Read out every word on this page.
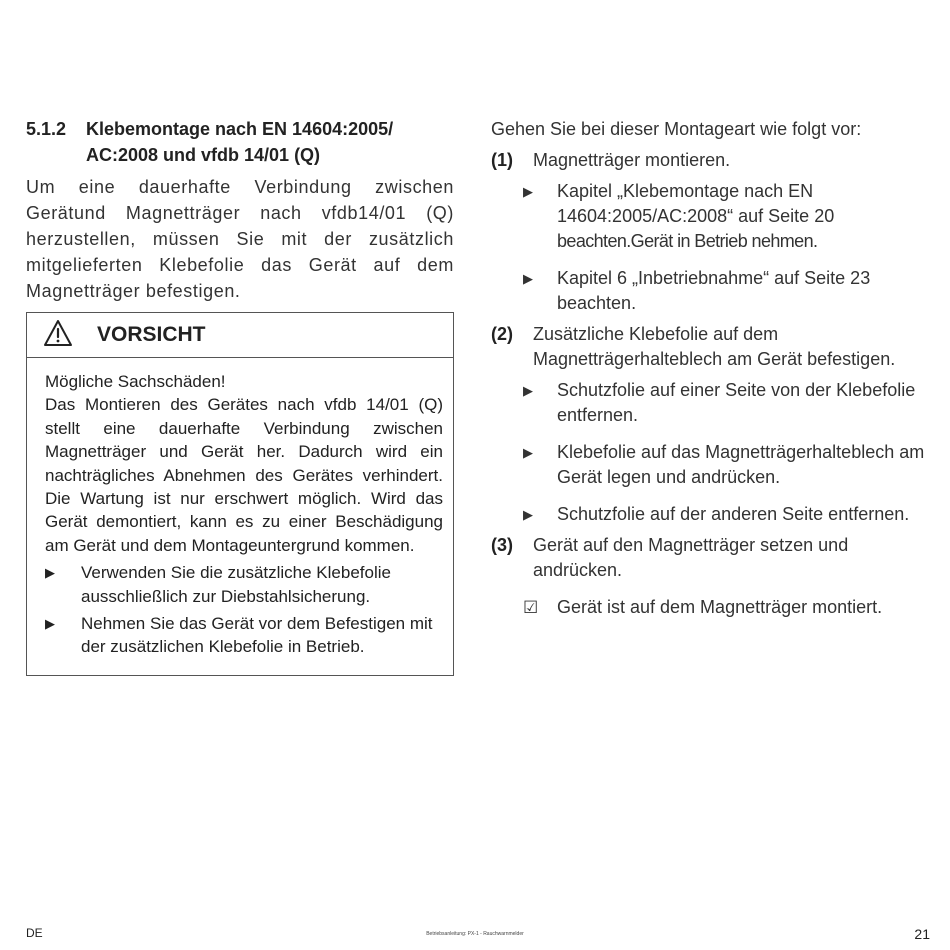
5.1.2	Klebemontage nach EN 14604:2005/
AC:2008 und vfdb 14/01 (Q)
Um eine dauerhafte Verbindung zwischen Gerätund Magnetträger nach vfdb14/01 (Q) herzustellen, müssen Sie mit der zusätzlich mitgelieferten Klebefolie das Gerät auf dem Magnetträger befestigen.
VORSICHT
Mögliche Sachschäden!
Das Montieren des Gerätes nach vfdb 14/01 (Q) stellt eine dauerhafte Verbindung zwischen Magnetträger und Gerät her. Dadurch wird ein nachträgliches Abnehmen des Gerätes verhindert. Die Wartung ist nur erschwert möglich. Wird das Gerät demontiert, kann es zu einer Beschädigung am Gerät und dem Montageuntergrund kommen.
▶	Verwenden Sie die zusätzliche Klebefolie ausschließlich zur Diebstahlsicherung.
▶	Nehmen Sie das Gerät vor dem Befestigen mit der zusätzlichen Klebefolie in Betrieb.
Gehen Sie bei dieser Montageart wie folgt vor:
(1)	Magnetträger montieren.
▶	Kapitel „Klebemontage nach EN 14604:2005/AC:2008“ auf Seite 20
beachten.Gerät in Betrieb nehmen.
▶	Kapitel 6 „Inbetriebnahme“ auf Seite 23 beachten.
(2)	Zusätzliche Klebefolie auf dem Magnetträgerhalteblech am Gerät befestigen.
▶	Schutzfolie auf einer Seite von der Klebefolie entfernen.
▶	Klebefolie auf das Magnetträgerhalteblech am Gerät legen und andrücken.
▶	Schutzfolie auf der anderen Seite entfernen.
(3)	Gerät auf den Magnetträger setzen und andrücken.
☑	Gerät ist auf dem Magnetträger montiert.
DE	Betriebsanleitung: PX-1 - Rauchwarnmelder	21
